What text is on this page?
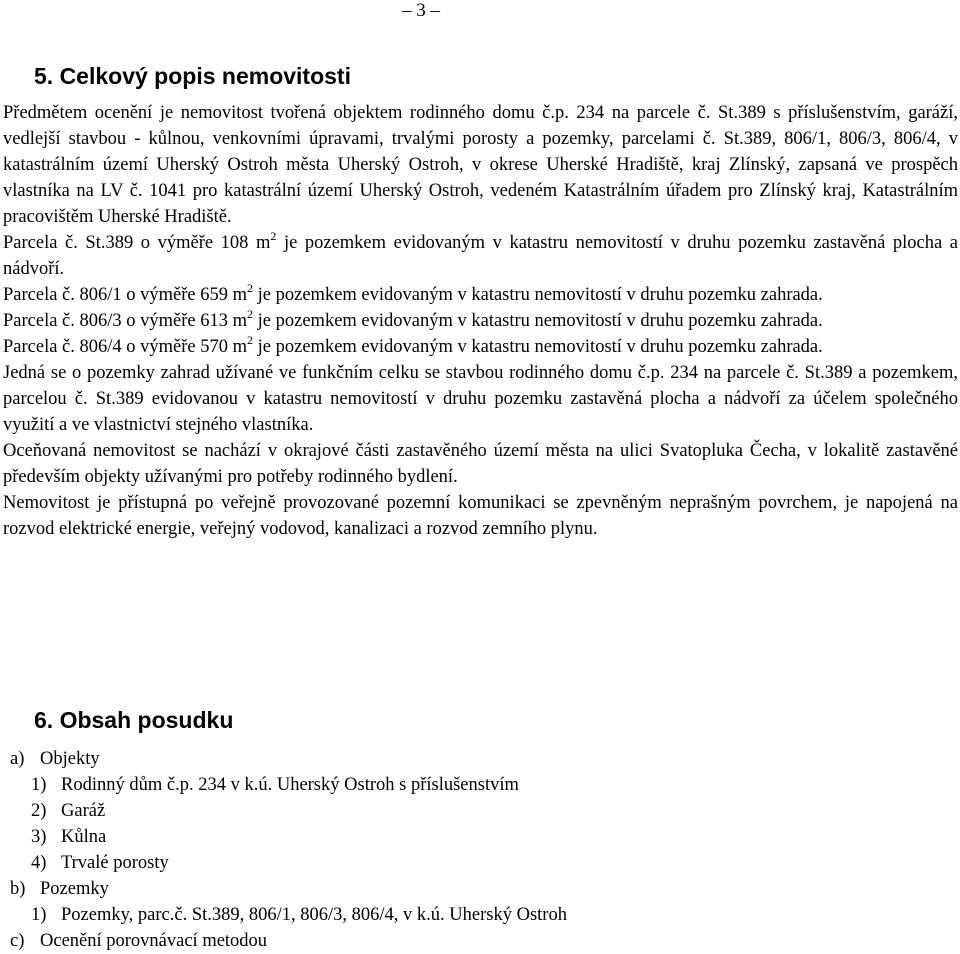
– 3 –
5. Celkový popis nemovitosti

Předmětem ocenění je nemovitost tvořená objektem rodinného domu č.p. 234 na parcele č. St.389 s příslušenstvím, garáží, vedlejší stavbou - kůlnou, venkovními úpravami, trvalými porosty a pozemky, parcelami č. St.389, 806/1, 806/3, 806/4, v katastrálním území Uherský Ostroh města Uherský Ostroh, v okrese Uherské Hradiště, kraj Zlínský, zapsaná ve prospěch vlastníka na LV č. 1041 pro katastrální území Uherský Ostroh, vedeném Katastrálním úřadem pro Zlínský kraj, Katastrálním pracovištěm Uherské Hradiště.

Parcela č. St.389 o výměře 108 $m^2$ je pozemkem evidovaným v katastru nemovitostí v druhu pozemku zastavěná plocha a nádvoří.

Parcela č. 806/1 o výměře 659 $m^2$ je pozemkem evidovaným v katastru nemovitostí v druhu pozemku zahrada.

Parcela č. 806/3 o výměře 613 $m^2$ je pozemkem evidovaným v katastru nemovitostí v druhu pozemku zahrada.

Parcela č. 806/4 o výměře 570 $m^2$ je pozemkem evidovaným v katastru nemovitostí v druhu pozemku zahrada.

Jedná se o pozemky zahrad užívané ve funkčním celku se stavbou rodinného domu č.p. 234 na parcele č. St.389 a pozemkem, parcelou č. St.389 evidovanou v katastru nemovitostí v druhu pozemku zastavěná plocha a nádvoří za účelem společného využití a ve vlastnictví stejného vlastníka.

Oceňovaná nemovitost se nachází v okrajové části zastavěného území města na ulici Svatopluka Čecha, v lokalitě zastavěné především objekty užívanými pro potřeby rodinného bydlení.

Nemovitost je přístupná po veřejně provozované pozemní komunikaci se zpevněným neprašným povrchem, je napojená na rozvod elektrické energie, veřejný vodovod, kanalizaci a rozvod zemního plynu.

6. Obsah posudku
a) Objekty
1) Rodinný dům č.p. 234 v k.ú. Uherský Ostroh s příslušenstvím
2) Garáž
3) Kůlna
4) Trvalé porosty
b) Pozemky
1) Pozemky, parc.č. St.389, 806/1, 806/3, 806/4, v k.ú. Uherský Ostroh
c) Ocenění porovnávací metodou
